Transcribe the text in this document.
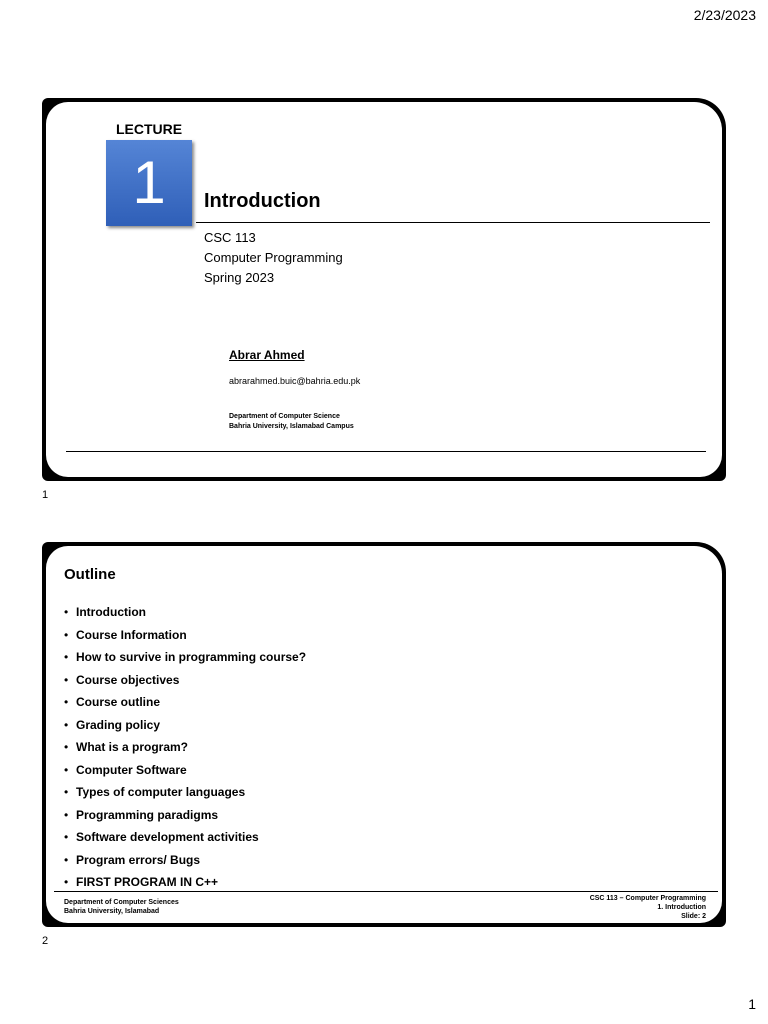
2/23/2023
LECTURE
1	Introduction
CSC 113
Computer Programming
Spring 2023
Abrar Ahmed
abrarahmed.buic@bahria.edu.pk
Department of Computer Science
Bahria University, Islamabad Campus
1
Outline
• Introduction
• Course Information
• How to survive in programming course?
• Course objectives
• Course outline
• Grading policy
• What is a program?
• Computer Software
• Types of computer languages
• Programming paradigms
• Software development activities
• Program errors/ Bugs
• FIRST PROGRAM IN C++
Department of Computer Sciences
Bahria University, Islamabad
CSC 113 – Computer Programming
1. Introduction
Slide: 2
2
1
